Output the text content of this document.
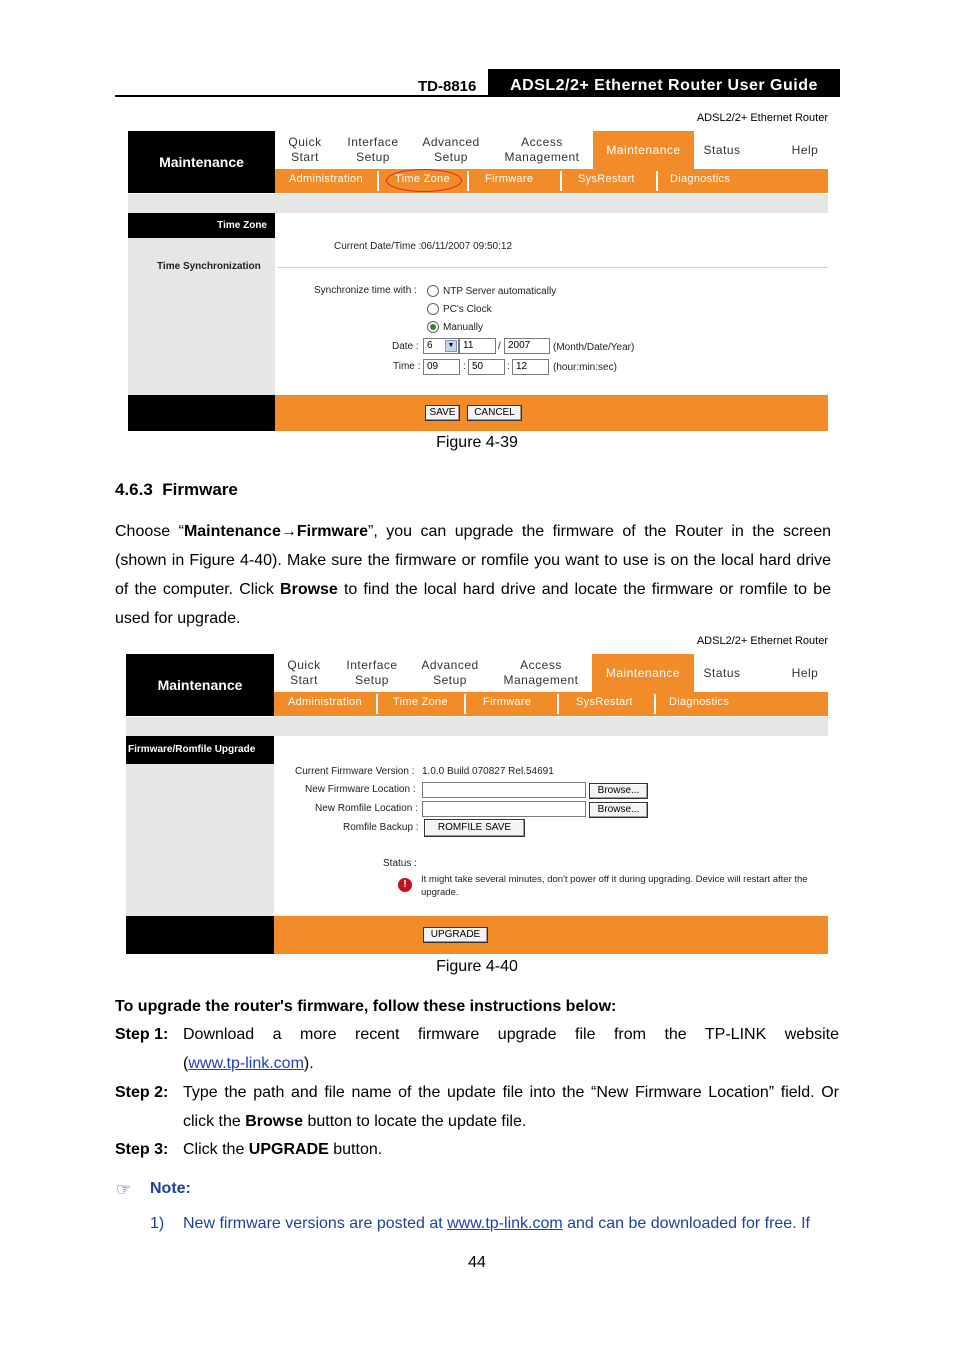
TD-8816 ADSL2/2+ Ethernet Router User Guide
ADSL2/2+ Ethernet Router
Maintenance
Quick
Start
Interface
Setup
Advanced
Setup
Access
Management
Maintenance Status	Help
Administration	Time Zone	Firmware	SysRestart	Diagnostics
Time Zone
Time Synchronization
Current Date/Time : 06/11/2007 09:50:12
Synchronize time with :	NTP Server automatically
PC's Clock
Manually
Date : 6	▼ 11	/ 2007	(Month/Date/Year)
Time : 09	: 50	: 12	(hour:min:sec)
SAVE	CANCEL
Figure 4-39
4.6.3 Firmware
Choose “Maintenance→Firmware”, you can upgrade the firmware of the Router in the screen (shown in Figure 4-40). Make sure the firmware or romfile you want to use is on the local hard drive of the computer. Click Browse to find the local hard drive and locate the firmware or romfile to be used for upgrade.
ADSL2/2+ Ethernet Router
Maintenance
Quick
Start
Interface
Setup
Advanced
Setup
Access
Management
Maintenance Status	Help
Administration	Time Zone	Firmware	SysRestart	Diagnostics
Firmware/Romfile Upgrade
Current Firmware Version : 1.0.0 Build 070827 Rel.54691
New Firmware Location :	Browse...
New Romfile Location :	Browse...
Romfile Backup :	ROMFILE SAVE
Status :
!	It might take several minutes, don't power off it during upgrading. Device will restart after the upgrade.
UPGRADE
Figure 4-40
To upgrade the router's firmware, follow these instructions below:
Step 1: Download a more recent firmware upgrade file from the TP-LINK website
(www.tp-link.com).
Step 2: Type the path and file name of the update file into the “New Firmware Location” field. Or click the Browse button to locate the update file.
Step 3: Click the UPGRADE button.
☞ Note:
1) New firmware versions are posted at www.tp-link.com and can be downloaded for free. If
44
